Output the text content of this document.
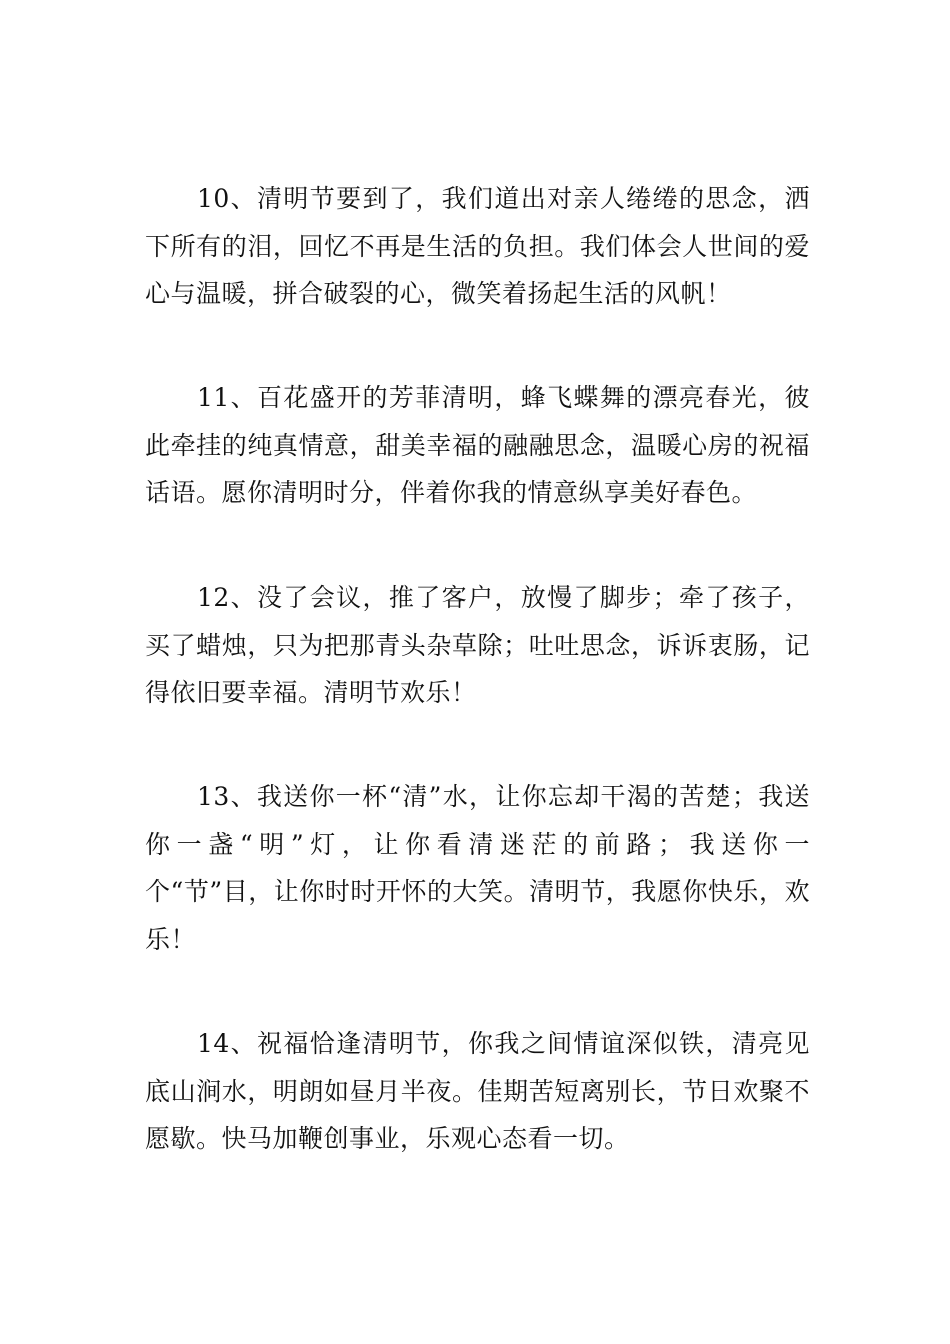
10、清明节要到了，我们道出对亲人绻绻的思念，洒下所有的泪，回忆不再是生活的负担。我们体会人世间的爱心与温暖，拼合破裂的心，微笑着扬起生活的风帆！

11、百花盛开的芳菲清明，蜂飞蝶舞的漂亮春光，彼此牵挂的纯真情意，甜美幸福的融融思念，温暖心房的祝福话语。愿你清明时分，伴着你我的情意纵享美好春色。

12、没了会议，推了客户，放慢了脚步；牵了孩子，买了蜡烛，只为把那青头杂草除；吐吐思念，诉诉衷肠，记得依旧要幸福。清明节欢乐！

13、我送你一杯“清”水，让你忘却干渴的苦楚；我送你一盏“明”灯，让你看清迷茫的前路；我送你一个“节”目，让你时时开怀的大笑。清明节，我愿你快乐，欢乐！

14、祝福恰逢清明节，你我之间情谊深似铁，清亮见底山涧水，明朗如昼月半夜。佳期苦短离别长，节日欢聚不愿歇。快马加鞭创事业，乐观心态看一切。
